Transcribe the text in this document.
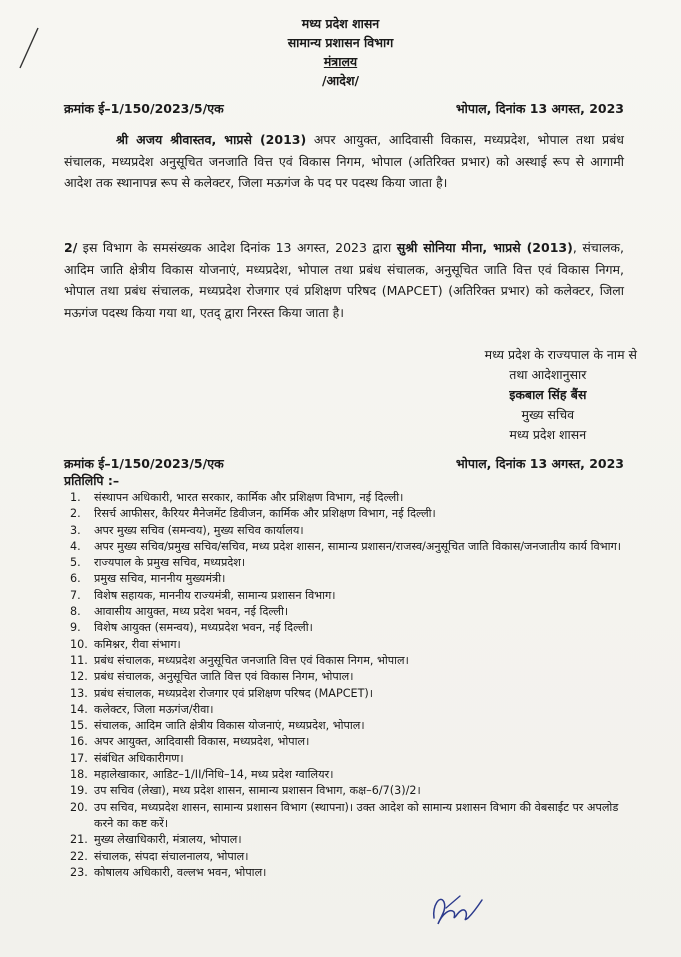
मध्य प्रदेश शासन
सामान्य प्रशासन विभाग
मंत्रालय
/आदेश/
क्रमांक ई–1/150/2023/5/एक	भोपाल, दिनांक 13 अगस्त, 2023
श्री अजय श्रीवास्तव, भाप्रसे (2013) अपर आयुक्त, आदिवासी विकास, मध्यप्रदेश, भोपाल तथा प्रबंध संचालक, मध्यप्रदेश अनुसूचित जनजाति वित्त एवं विकास निगम, भोपाल (अतिरिक्त प्रभार) को अस्थाई रूप से आगामी आदेश तक स्थानापन्न रूप से कलेक्टर, जिला मऊगंज के पद पर पदस्थ किया जाता है।
2/ इस विभाग के समसंख्यक आदेश दिनांक 13 अगस्त, 2023 द्वारा सुश्री सोनिया मीना, भाप्रसे (2013), संचालक, आदिम जाति क्षेत्रीय विकास योजनाएं, मध्यप्रदेश, भोपाल तथा प्रबंध संचालक, अनुसूचित जाति वित्त एवं विकास निगम, भोपाल तथा प्रबंध संचालक, मध्यप्रदेश रोजगार एवं प्रशिक्षण परिषद (MAPCET) (अतिरिक्त प्रभार) को कलेक्टर, जिला मऊगंज पदस्थ किया गया था, एतद् द्वारा निरस्त किया जाता है।
मध्य प्रदेश के राज्यपाल के नाम से
तथा आदेशानुसार
इकबाल सिंह बैंस
मुख्य सचिव
मध्य प्रदेश शासन
क्रमांक ई–1/150/2023/5/एक	भोपाल, दिनांक 13 अगस्त, 2023
प्रतिलिपि :–
1.	संस्थापन अधिकारी, भारत सरकार, कार्मिक और प्रशिक्षण विभाग, नई दिल्ली।
2.	रिसर्च आफीसर, कैरियर मैनेजमेंट डिवीजन, कार्मिक और प्रशिक्षण विभाग, नई दिल्ली।
3.	अपर मुख्य सचिव (समन्वय), मुख्य सचिव कार्यालय।
4.	अपर मुख्य सचिव/प्रमुख सचिव/सचिव, मध्य प्रदेश शासन, सामान्य प्रशासन/राजस्व/अनुसूचित जाति विकास/जनजातीय कार्य विभाग।
5.	राज्यपाल के प्रमुख सचिव, मध्यप्रदेश।
6.	प्रमुख सचिव, माननीय मुख्यमंत्री।
7.	विशेष सहायक, माननीय राज्यमंत्री, सामान्य प्रशासन विभाग।
8.	आवासीय आयुक्त, मध्य प्रदेश भवन, नई दिल्ली।
9.	विशेष आयुक्त (समन्वय), मध्यप्रदेश भवन, नई दिल्ली।
10. कमिश्नर, रीवा संभाग।
11. प्रबंध संचालक, मध्यप्रदेश अनुसूचित जनजाति वित्त एवं विकास निगम, भोपाल।
12. प्रबंध संचालक, अनुसूचित जाति वित्त एवं विकास निगम, भोपाल।
13. प्रबंध संचालक, मध्यप्रदेश रोजगार एवं प्रशिक्षण परिषद (MAPCET)।
14. कलेक्टर, जिला मऊगंज/रीवा।
15. संचालक, आदिम जाति क्षेत्रीय विकास योजनाएं, मध्यप्रदेश, भोपाल।
16. अपर आयुक्त, आदिवासी विकास, मध्यप्रदेश, भोपाल।
17. संबंधित अधिकारीगण।
18. महालेखाकार, आडिट–1/II/निधि–14, मध्य प्रदेश ग्वालियर।
19. उप सचिव (लेखा), मध्य प्रदेश शासन, सामान्य प्रशासन विभाग, कक्ष–6/7(3)/2।
20. उप सचिव, मध्यप्रदेश शासन, सामान्य प्रशासन विभाग (स्थापना)। उक्त आदेश को सामान्य प्रशासन विभाग की वेबसाईट पर अपलोड करने का कष्ट करें।
21. मुख्य लेखाधिकारी, मंत्रालय, भोपाल।
22. संचालक, संपदा संचालनालय, भोपाल।
23. कोषालय अधिकारी, वल्लभ भवन, भोपाल।
